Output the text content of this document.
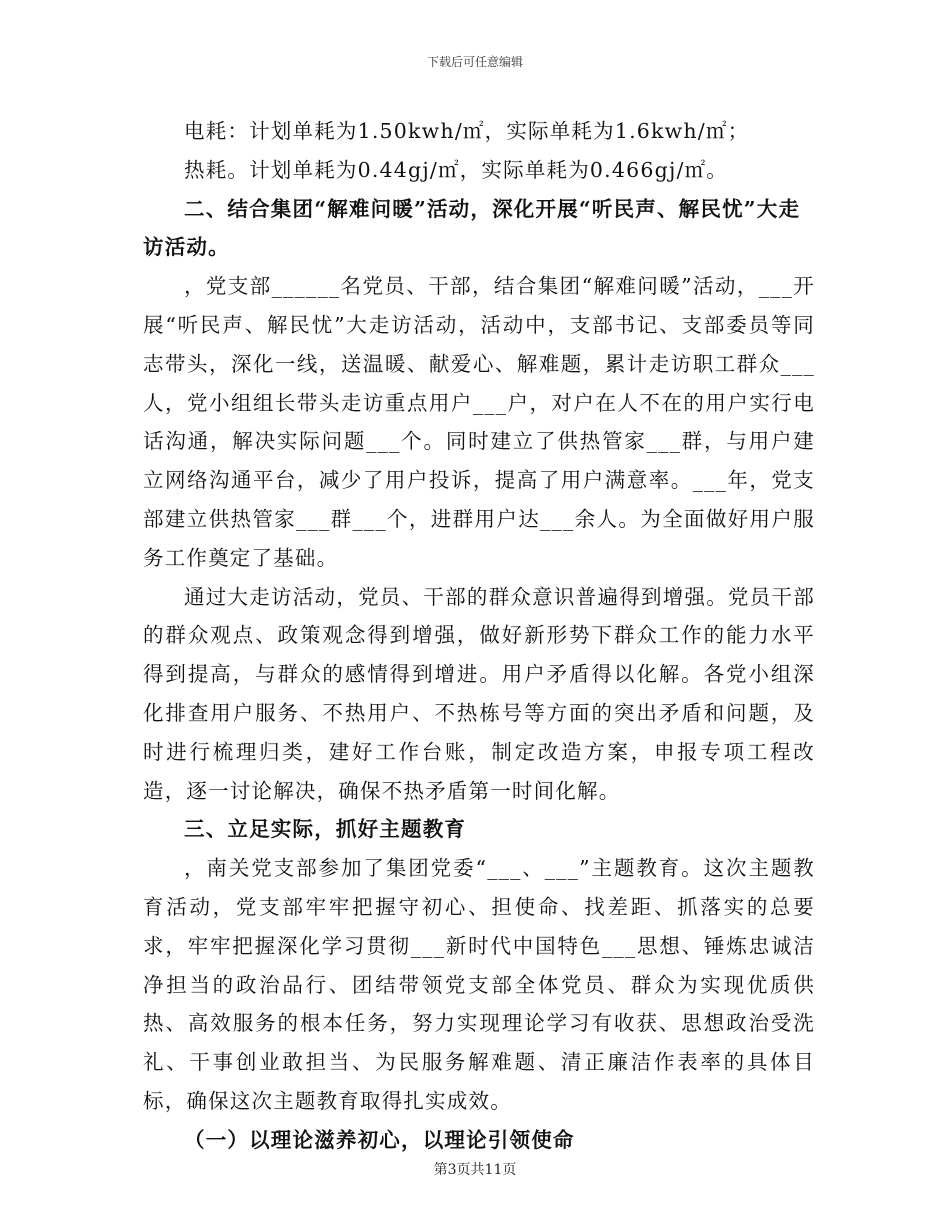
下载后可任意编辑

电耗：计划单耗为1.50kwh/㎡，实际单耗为1.6kwh/㎡；

热耗。计划单耗为0.44gj/㎡，实际单耗为0.466gj/㎡。

二、结合集团“解难问暖”活动，深化开展“听民声、解民忧”大走访活动。

，党支部______名党员、干部，结合集团“解难问暖”活动，___开展“听民声、解民忧”大走访活动，活动中，支部书记、支部委员等同志带头，深化一线，送温暖、献爱心、解难题，累计走访职工群众___人，党小组组长带头走访重点用户___户，对户在人不在的用户实行电话沟通，解决实际问题___个。同时建立了供热管家___群，与用户建立网络沟通平台，减少了用户投诉，提高了用户满意率。___年，党支部建立供热管家___群___个，进群用户达___余人。为全面做好用户服务工作奠定了基础。

通过大走访活动，党员、干部的群众意识普遍得到增强。党员干部的群众观点、政策观念得到增强，做好新形势下群众工作的能力水平得到提高，与群众的感情得到增进。用户矛盾得以化解。各党小组深化排查用户服务、不热用户、不热栋号等方面的突出矛盾和问题，及时进行梳理归类，建好工作台账，制定改造方案，申报专项工程改造，逐一讨论解决，确保不热矛盾第一时间化解。

三、立足实际，抓好主题教育

，南关党支部参加了集团党委“___、___”主题教育。这次主题教育活动，党支部牢牢把握守初心、担使命、找差距、抓落实的总要求，牢牢把握深化学习贯彻___新时代中国特色___思想、锤炼忠诚洁净担当的政治品行、团结带领党支部全体党员、群众为实现优质供热、高效服务的根本任务，努力实现理论学习有收获、思想政治受洗礼、干事创业敢担当、为民服务解难题、清正廉洁作表率的具体目标，确保这次主题教育取得扎实成效。

（一）以理论滋养初心，以理论引领使命

第3页共11页
